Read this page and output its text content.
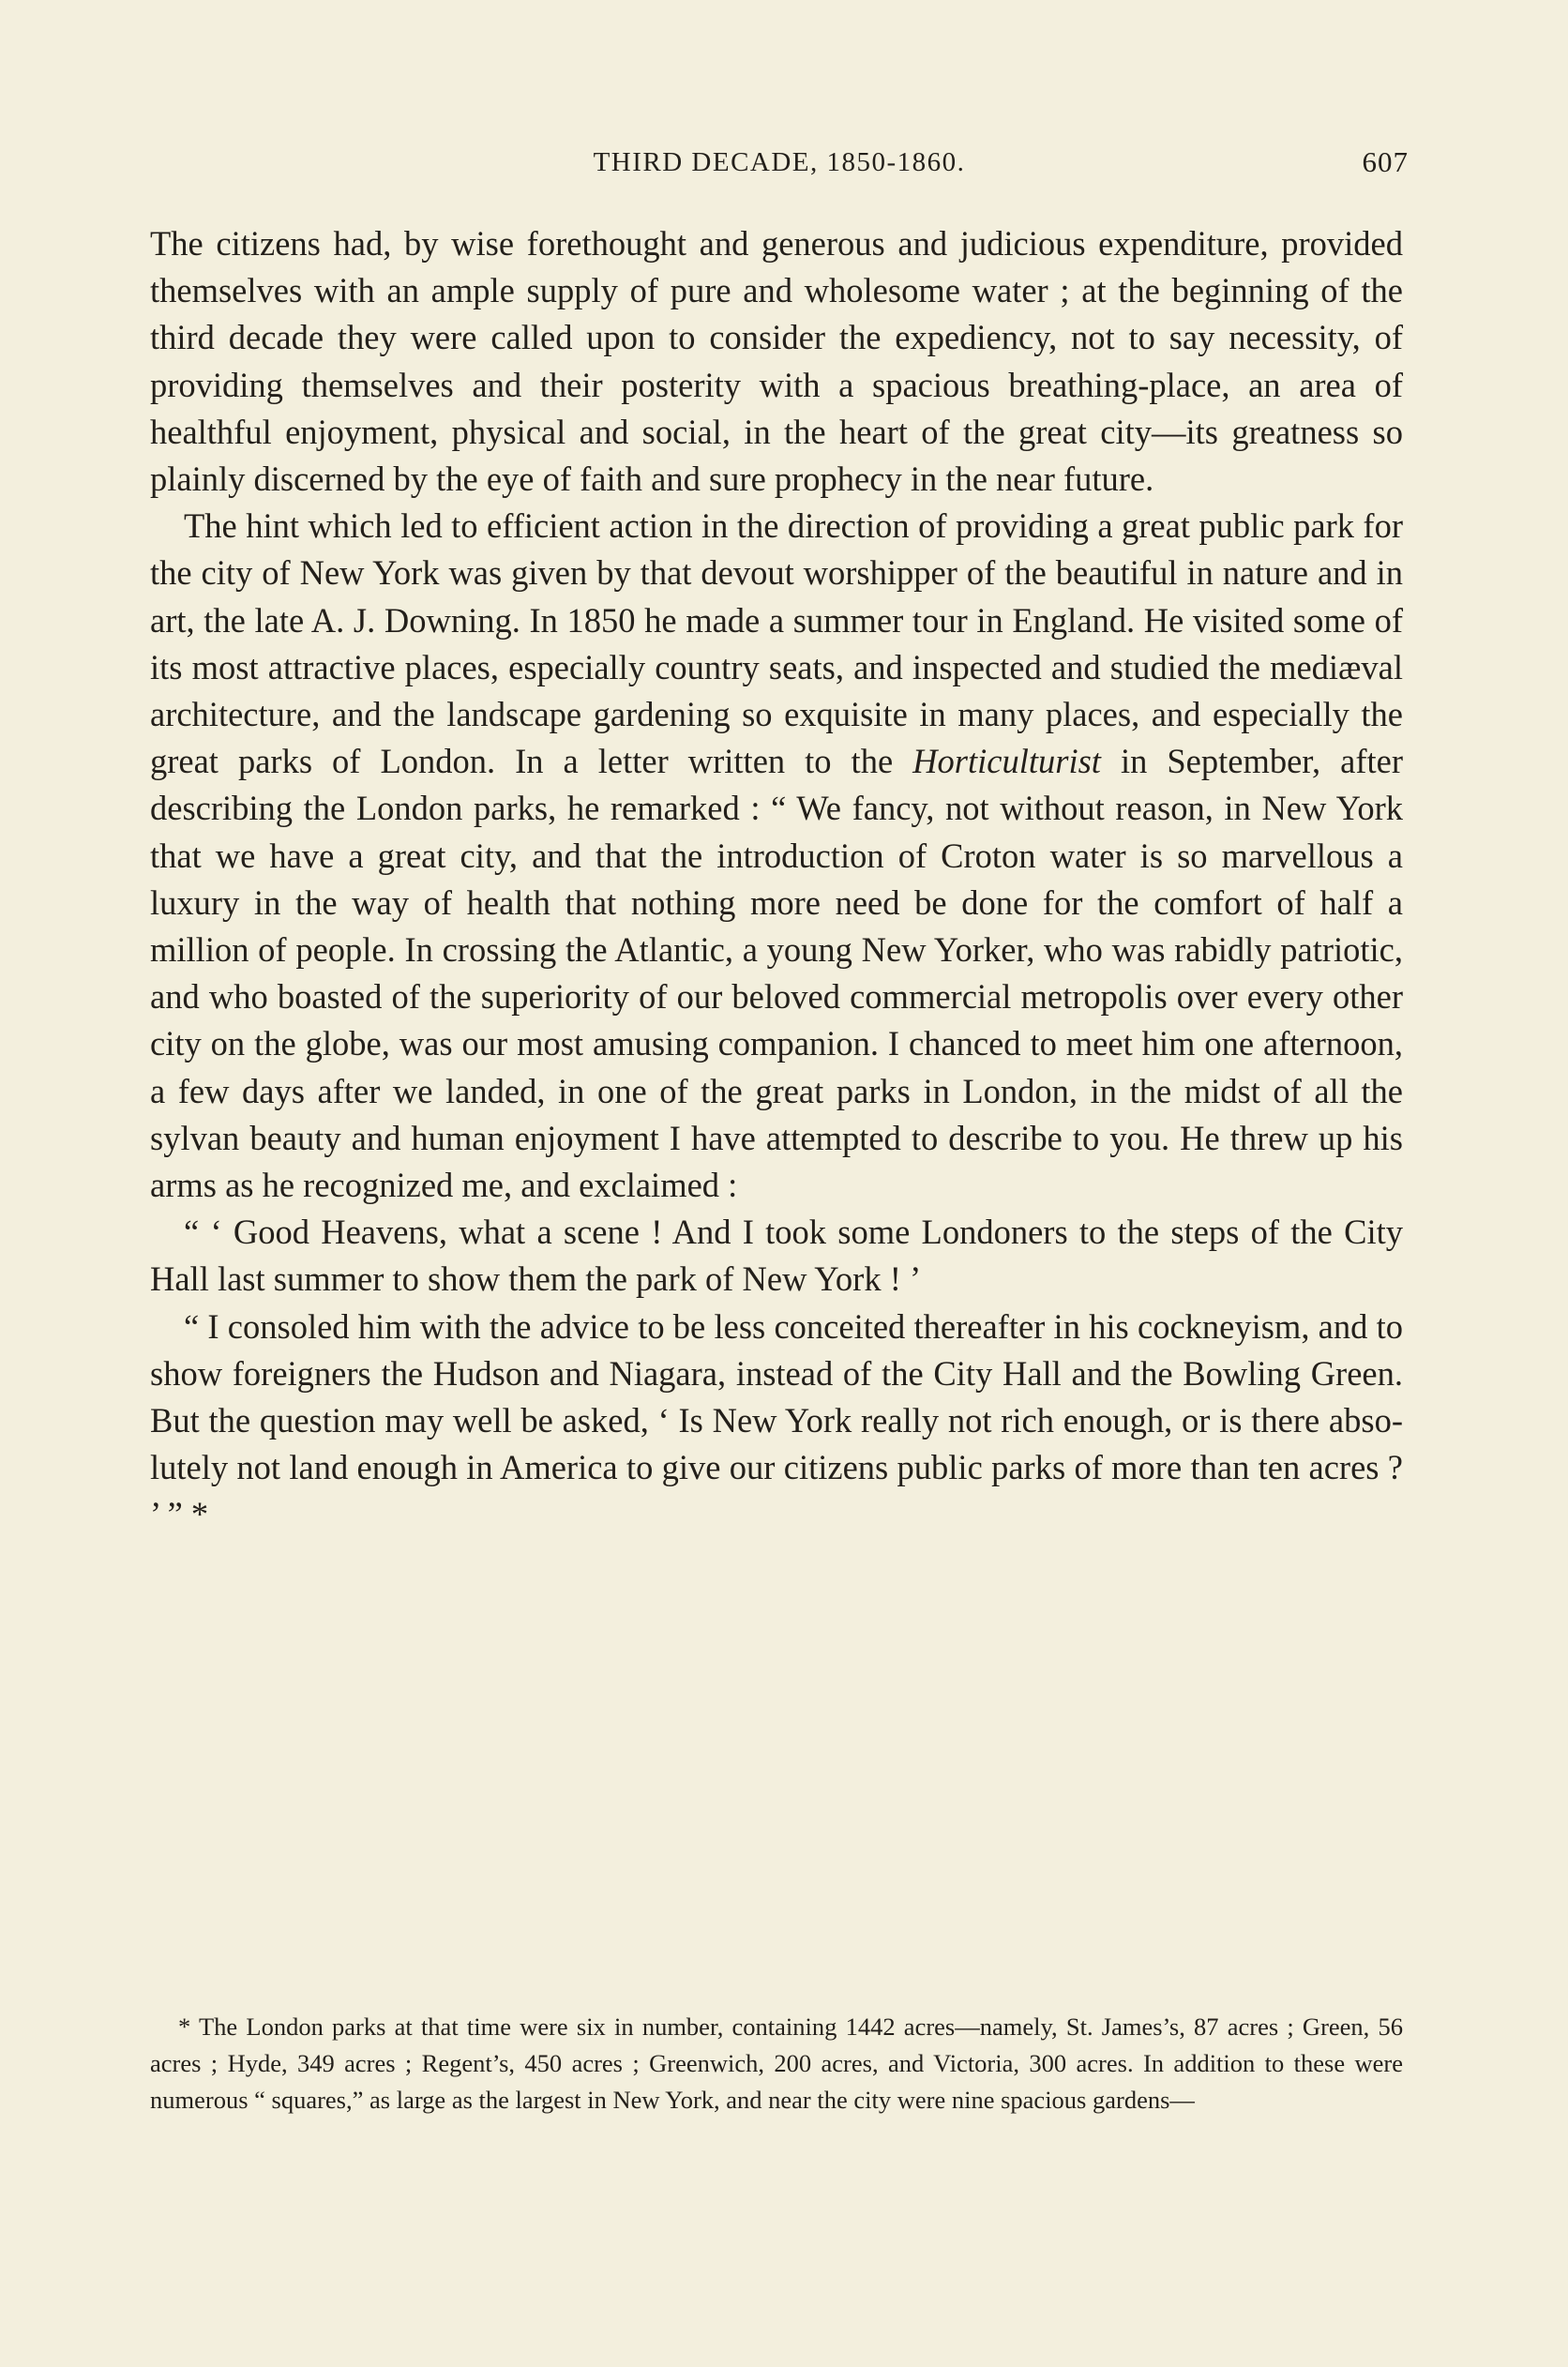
THIRD DECADE, 1850-1860.	607

The citizens had, by wise forethought and generous and judicious expenditure, provided themselves with an ample supply of pure and wholesome water ; at the beginning of the third decade they were called upon to consider the expediency, not to say necessity, of providing themselves and their posterity with a spacious breathing-place, an area of healthful enjoyment, physical and social, in the heart of the great city—its greatness so plainly discerned by the eye of faith and sure prophecy in the near future.

The hint which led to efficient action in the direction of providing a great public park for the city of New York was given by that devout worshipper of the beautiful in nature and in art, the late A. J. Downing. In 1850 he made a summer tour in England. He visited some of its most attractive places, especially country seats, and inspected and studied the mediæval architecture, and the landscape gardening so exquisite in many places, and especially the great parks of London. In a letter written to the Horticulturist in September, after describing the London parks, he remarked : “ We fancy, not without reason, in New York that we have a great city, and that the introduction of Croton water is so marvellous a luxury in the way of health that nothing more need be done for the comfort of half a million of people. In crossing the Atlantic, a young New Yorker, who was rabidly patriotic, and who boasted of the superiority of our beloved commercial metropolis over every other city on the globe, was our most amusing companion. I chanced to meet him one afternoon, a few days after we landed, in one of the great parks in London, in the midst of all the sylvan beauty and human enjoyment I have attempted to describe to you. He threw up his arms as he recognized me, and exclaimed :

“ ‘ Good Heavens, what a scene ! And I took some Londoners to the steps of the City Hall last summer to show them the park of New York ! ’

“ I consoled him with the advice to be less conceited thereafter in his cockneyism, and to show foreigners the Hudson and Niagara, instead of the City Hall and the Bowling Green. But the question may well be asked, ‘ Is New York really not rich enough, or is there absolutely not land enough in America to give our citizens public parks of more than ten acres ? ’ ” *

* The London parks at that time were six in number, containing 1442 acres—namely, St. James’s, 87 acres ; Green, 56 acres ; Hyde, 349 acres ; Regent’s, 450 acres ; Greenwich, 200 acres, and Victoria, 300 acres. In addition to these were numerous “ squares,” as large as the largest in New York, and near the city were nine spacious gardens—
